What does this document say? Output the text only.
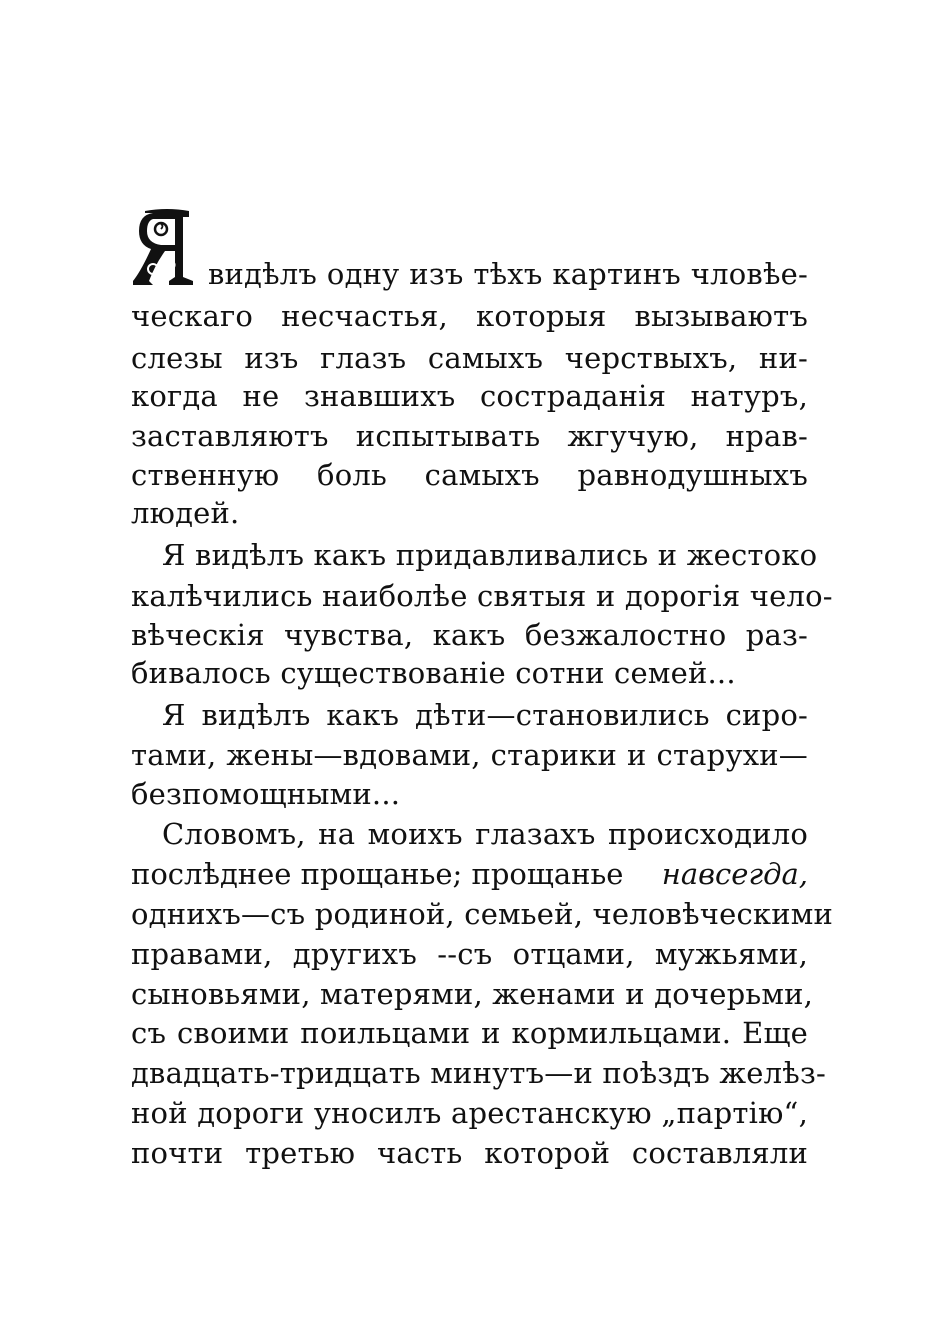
видѣлъ одну изъ тѣхъ картинъ чловѣе-
ческаго несчастья, которыя вызываютъ
слезы изъ глазъ самыхъ черствыхъ, ни-
когда не знавшихъ состраданія натуръ,
заставляютъ испытывать жгучую, нрав-
ственную боль самыхъ равнодушныхъ
людей.
Я видѣлъ какъ придавливались и жестоко
калѣчились наиболѣе святыя и дорогія чело-
вѣческія чувства, какъ безжалостно раз-
бивалось существованіе сотни семей...
Я видѣлъ какъ дѣти—становились сиро-
тами, жены—вдовами, старики и старухи—
безпомощными...
Словомъ, на моихъ глазахъ происходило
послѣднее прощанье; прощанье навсегда,
однихъ—съ родиной, семьей, человѣческими
правами, другихъ --съ отцами, мужьями,
сыновьями, матерями, женами и дочерьми,
съ своими поильцами и кормильцами. Еще
двадцать-тридцать минутъ—и поѣздъ желѣз-
ной дороги уносилъ арестанскую „партію“,
почти третью часть которой составляли
